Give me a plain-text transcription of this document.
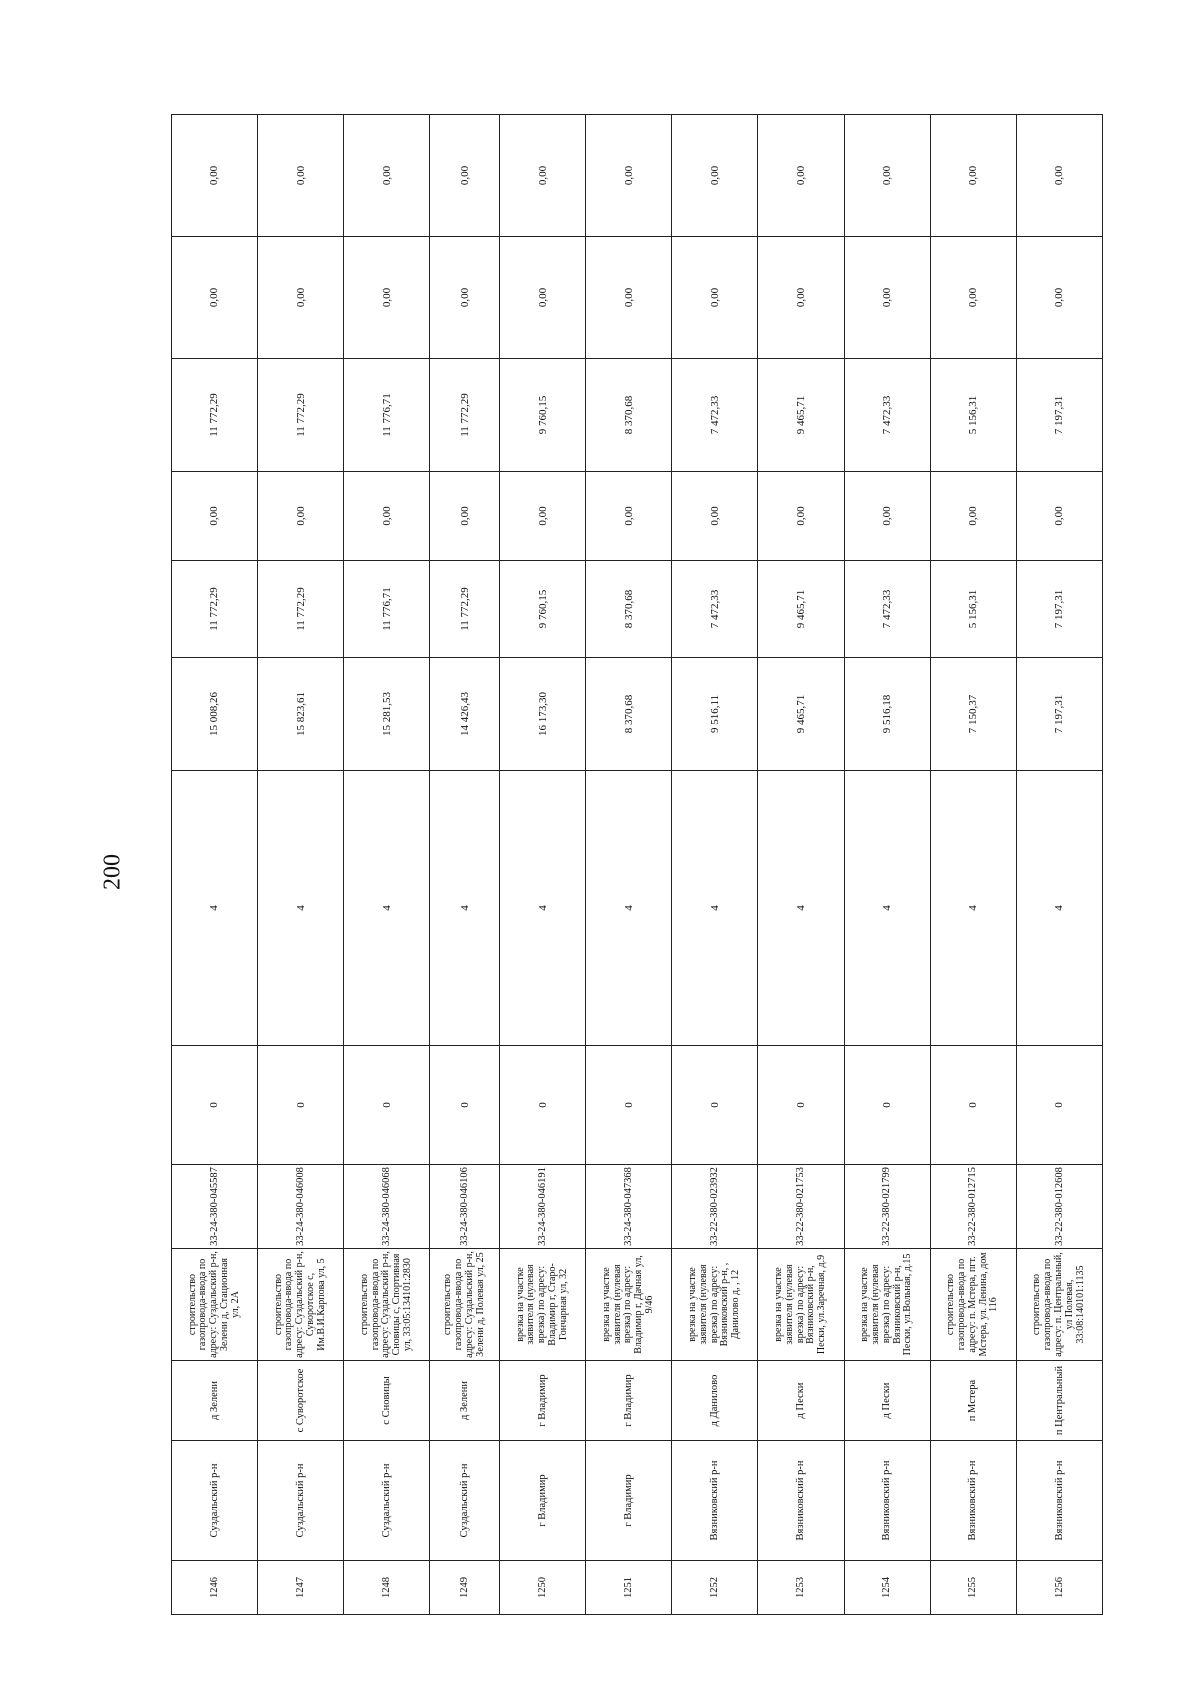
200
1246	Суздальский р-н	д Зелени	строительство газопровода-ввода по адресу: Суздальский р-н, Зелени д, Стационная ул, 2А	33-24-380-045587	0	4	15 008,26	11 772,29	0,00	11 772,29	0,00	0,00
1247	Суздальский р-н	с Суворотское	строительство газопровода-ввода по адресу: Суздальский р-н, Суворотское с, Им.В.И.Карпова ул, 5	33-24-380-046008	0	4	15 823,61	11 772,29	0,00	11 772,29	0,00	0,00
1248	Суздальский р-н	с Сновицы	строительство газопровода-ввода по адресу: Суздальский р-н, Сновицы с, Спортивная ул, 33:05:134101:2830	33-24-380-046068	0	4	15 281,53	11 776,71	0,00	11 776,71	0,00	0,00
1249	Суздальский р-н	д Зелени	строительство газопровода-ввода по адресу: Суздальский р-н, Зелени д, Полевая ул, 25	33-24-380-046106	0	4	14 426,43	11 772,29	0,00	11 772,29	0,00	0,00
1250	г Владимир	г Владимир	врезка на участке заявителя (нулевая врезка) по адресу: Владимир г, Старо-Гончарная ул, 32	33-24-380-046191	0	4	16 173,30	9 760,15	0,00	9 760,15	0,00	0,00
1251	г Владимир	г Владимир	врезка на участке заявителя (нулевая врезка) по адресу: Владимир г, Дачная ул, 9/46	33-24-380-047368	0	4	8 370,68	8 370,68	0,00	8 370,68	0,00	0,00
1252	Вязниковский р-н	д Даниловo	врезка на участке заявителя (нулевая врезка) по адресу: Вязниковский р-н, , Даниловo д, , 12	33-22-380-023932	0	4	9 516,11	7 472,33	0,00	7 472,33	0,00	0,00
1253	Вязниковский р-н	д Пески	врезка на участке заявителя (нулевая врезка) по адресу: Вязниковский р-н, Пески, ул.Заречная, д.9	33-22-380-021753	0	4	9 465,71	9 465,71	0,00	9 465,71	0,00	0,00
1254	Вязниковский р-н	д Пески	врезка на участке заявителя (нулевая врезка) по адресу: Вязниковский р-н, Пески, ул.Вольная, д.15	33-22-380-021799	0	4	9 516,18	7 472,33	0,00	7 472,33	0,00	0,00
1255	Вязниковский р-н	п Мстера	строительство газопровода-ввода по адресу: п. Мстера, пгт. Мстера, ул. Ленина, дом 116	33-22-380-012715	0	4	7 150,37	5 156,31	0,00	5 156,31	0,00	0,00
1256	Вязниковский р-н	п Центральный	строительство газопровода-ввода по адресу: п. Центральный, ул Полевая, 33:08:140101:1135	33-22-380-012608	0	4	7 197,31	7 197,31	0,00	7 197,31	0,00	0,00
